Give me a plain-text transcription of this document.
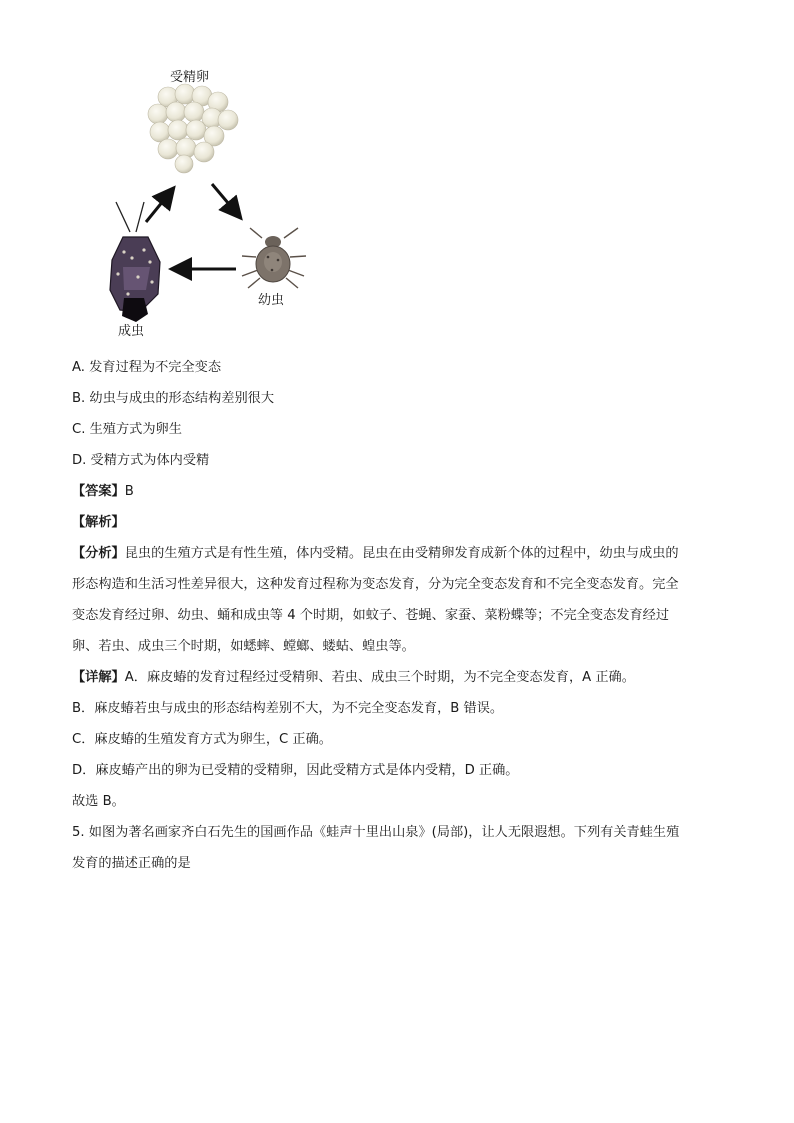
受精卵
幼虫
成虫
A. 发育过程为不完全变态
B. 幼虫与成虫的形态结构差别很大
C. 生殖方式为卵生
D. 受精方式为体内受精
【答案】B
【解析】
【分析】昆虫的生殖方式是有性生殖，体内受精。昆虫在由受精卵发育成新个体的过程中，幼虫与成虫的
形态构造和生活习性差异很大，这种发育过程称为变态发育，分为完全变态发育和不完全变态发育。完全
变态发育经过卵、幼虫、蛹和成虫等 4 个时期，如蚊子、苍蝇、家蚕、菜粉蝶等；不完全变态发育经过
卵、若虫、成虫三个时期，如蟋蟀、螳螂、蝼蛄、蝗虫等。
【详解】A．麻皮蝽的发育过程经过受精卵、若虫、成虫三个时期，为不完全变态发育，A 正确。
B．麻皮蝽若虫与成虫的形态结构差别不大，为不完全变态发育，B 错误。
C．麻皮蝽的生殖发育方式为卵生，C 正确。
D．麻皮蝽产出的卵为已受精的受精卵，因此受精方式是体内受精，D 正确。
故选 B。
5. 如图为著名画家齐白石先生的国画作品《蛙声十里出山泉》(局部)，让人无限遐想。下列有关青蛙生殖
发育的描述正确的是
